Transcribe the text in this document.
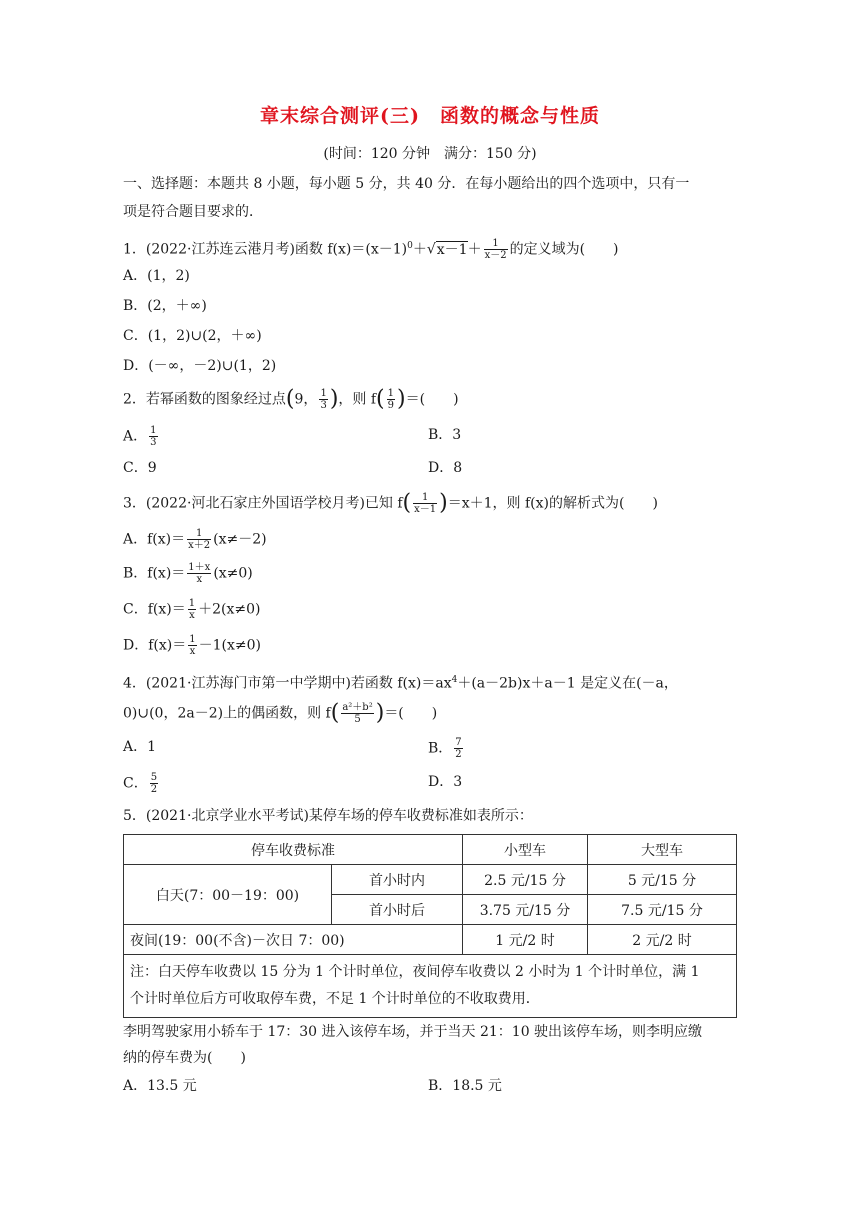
章末综合测评(三)　函数的概念与性质
(时间：120 分钟　满分：150 分)
一、选择题：本题共 8 小题，每小题 5 分，共 40 分．在每小题给出的四个选项中，只有一
项是符合题目要求的．
1．(2022·江苏连云港月考)函数 $f(x)=(x-1)^0+√x-1+ \frac{1}{x-2}$ 的定义域为(　　)
A．(1，2)
B．(2，＋∞)
C．(1，2)∪(2，＋∞)
D．(－∞，－2)∪(1，2)
2．若幂函数的图象经过点(9， $\frac{1}{3}$ )，则 $f( \frac{1}{9}$ )＝(　　)
A． $\frac{1}{3}$	B．3
C．9	D．8
3．(2022·河北石家庄外国语学校月考)已知 $f( \frac{1}{x-1} )=x+1$，则 f(x)的解析式为(　　)
A．$f(x)= \frac{1}{x+2} (x\ne-2)$
B．$f(x)= \frac{1+x}{x} (x\ne 0)$
C．$f(x)= \frac{1}{x} +2(x\ne 0)$
D．$f(x)= \frac{1}{x} -1(x\ne 0)$
4．(2021·江苏海门市第一中学期中)若函数 $f(x)=ax^4+(a-2b)x+a-1$ 是定义在(－a，
0)∪(0，2a－2)上的偶函数，则 $f( \frac{\text{a²＋b²}}{5}$ )＝(　　)
A．1	B． $\frac{7}{2}$
C． $\frac{5}{2}$	D．3
5．(2021·北京学业水平考试)某停车场的停车收费标准如表所示：
停车收费标准		小型车	大型车
白天(7：00－19：00)	首小时内	2.5 元/15 分	5 元/15 分
	首小时后	3.75 元/15 分	7.5 元/15 分
夜间(19：00(不含)－次日 7：00)		1 元/2 时	2 元/2 时

注：白天停车收费以 15 分为 1 个计时单位，夜间停车收费以 2 小时为 1 个计时单位，满 1
个计时单位后方可收取停车费，不足 1 个计时单位的不收取费用．			
李明驾驶家用小轿车于 17：30 进入该停车场，并于当天 21：10 驶出该停车场，则李明应缴
纳的停车费为(　　)
A．13.5 元	B．18.5 元
